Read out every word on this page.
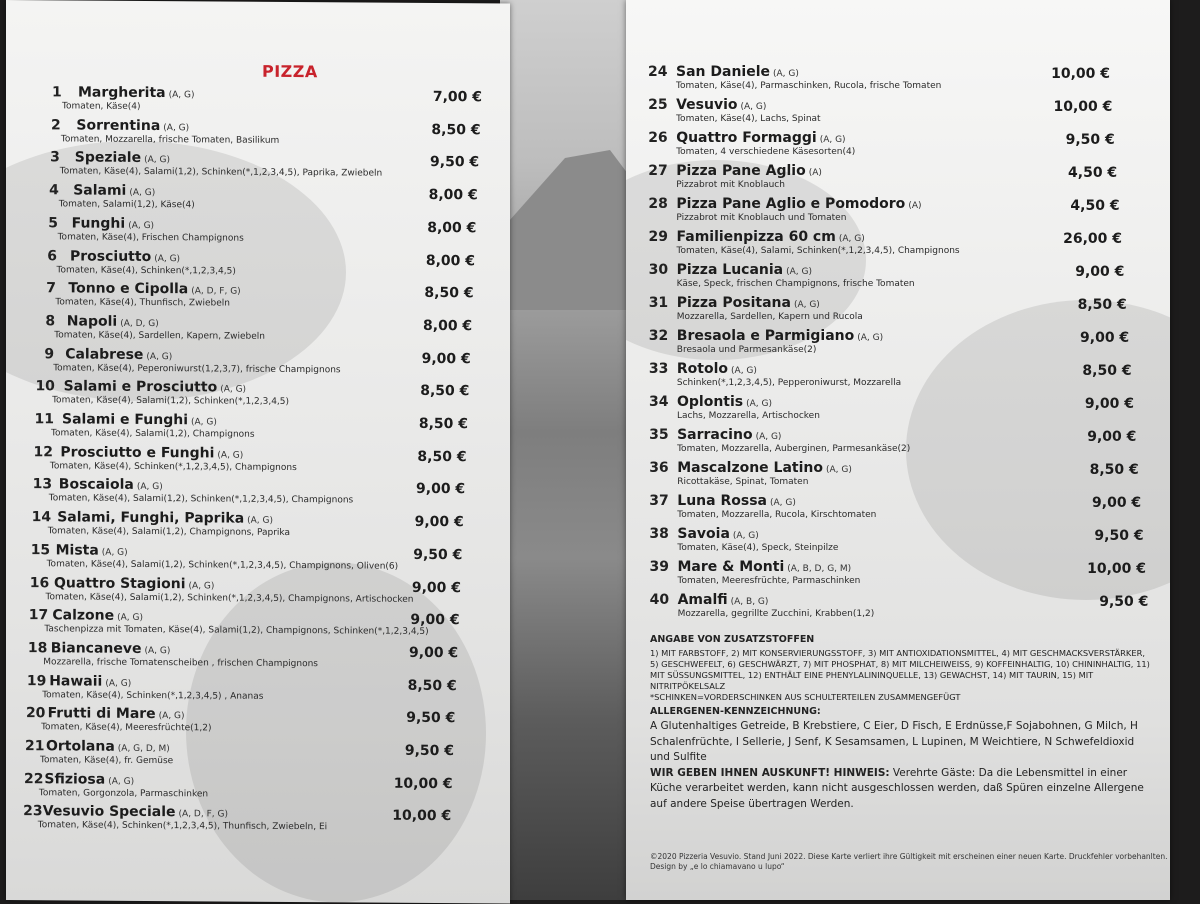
PIZZA
1 Margherita (A, G)
Tomaten, Käse(4)
7,00 €
2 Sorrentina (A, G)
Tomaten, Mozzarella, frische Tomaten, Basilikum
8,50 €
3 Speziale (A, G)
Tomaten, Käse(4), Salami(1,2), Schinken(*,1,2,3,4,5), Paprika, Zwiebeln
9,50 €
4 Salami (A, G)
Tomaten, Salami(1,2), Käse(4)
8,00 €
5 Funghi (A, G)
Tomaten, Käse(4), Frischen Champignons
8,00 €
6 Prosciutto (A, G)
Tomaten, Käse(4), Schinken(*,1,2,3,4,5)
8,00 €
7 Tonno e Cipolla (A, D, F, G)
Tomaten, Käse(4), Thunfisch, Zwiebeln
8,50 €
8 Napoli (A, D, G)
Tomaten, Käse(4), Sardellen, Kapern, Zwiebeln
8,00 €
9 Calabrese (A, G)
Tomaten, Käse(4), Peperoniwurst(1,2,3,7), frische Champignons
9,00 €
10 Salami e Prosciutto (A, G)
Tomaten, Käse(4), Salami(1,2), Schinken(*,1,2,3,4,5)
8,50 €
11 Salami e Funghi (A, G)
Tomaten, Käse(4), Salami(1,2), Champignons
8,50 €
12 Prosciutto e Funghi (A, G)
Tomaten, Käse(4), Schinken(*,1,2,3,4,5), Champignons
8,50 €
13 Boscaiola (A, G)
Tomaten, Käse(4), Salami(1,2), Schinken(*,1,2,3,4,5), Champignons
9,00 €
14 Salami, Funghi, Paprika (A, G)
Tomaten, Käse(4), Salami(1,2), Champignons, Paprika
9,00 €
15 Mista (A, G)
Tomaten, Käse(4), Salami(1,2), Schinken(*,1,2,3,4,5), Champignons, Oliven(6)
9,50 €
16 Quattro Stagioni (A, G)
Tomaten, Käse(4), Salami(1,2), Schinken(*,1,2,3,4,5), Champignons, Artischocken
9,00 €
17 Calzone (A, G)
Taschenpizza mit Tomaten, Käse(4), Salami(1,2), Champignons, Schinken(*,1,2,3,4,5)
9,00 €
18 Biancaneve (A, G)
Mozzarella, frische Tomatenscheiben , frischen Champignons
9,00 €
19 Hawaii (A, G)
Tomaten, Käse(4), Schinken(*,1,2,3,4,5) , Ananas
8,50 €
20 Frutti di Mare (A, G)
Tomaten, Käse(4), Meeresfrüchte(1,2)
9,50 €
21 Ortolana (A, G, D, M)
Tomaten, Käse(4), fr. Gemüse
9,50 €
22 Sfiziosa (A, G)
Tomaten, Gorgonzola, Parmaschinken
10,00 €
23 Vesuvio Speciale (A, D, F, G)
Tomaten, Käse(4), Schinken(*,1,2,3,4,5), Thunfisch, Zwiebeln, Ei
10,00 €
24 San Daniele (A, G)
Tomaten, Käse(4), Parmaschinken, Rucola, frische Tomaten
10,00 €
25 Vesuvio (A, G)
Tomaten, Käse(4), Lachs, Spinat
10,00 €
26 Quattro Formaggi (A, G)
Tomaten, 4 verschiedene Käsesorten(4)
9,50 €
27 Pizza Pane Aglio (A)
Pizzabrot mit Knoblauch
4,50 €
28 Pizza Pane Aglio e Pomodoro (A)
Pizzabrot mit Knoblauch und Tomaten
4,50 €
29 Familienpizza 60 cm (A, G)
Tomaten, Käse(4), Salami, Schinken(*,1,2,3,4,5), Champignons
26,00 €
30 Pizza Lucania (A, G)
Käse, Speck, frischen Champignons, frische Tomaten
9,00 €
31 Pizza Positana (A, G)
Mozzarella, Sardellen, Kapern und Rucola
8,50 €
32 Bresaola e Parmigiano (A, G)
Bresaola und Parmesankäse(2)
9,00 €
33 Rotolo (A, G)
Schinken(*,1,2,3,4,5), Pepperoniwurst, Mozzarella
8,50 €
34 Oplontis (A, G)
Lachs, Mozzarella, Artischocken
9,00 €
35 Sarracino (A, G)
Tomaten, Mozzarella, Auberginen, Parmesankäse(2)
9,00 €
36 Mascalzone Latino (A, G)
Ricottakäse, Spinat, Tomaten
8,50 €
37 Luna Rossa (A, G)
Tomaten, Mozzarella, Rucola, Kirschtomaten
9,00 €
38 Savoia (A, G)
Tomaten, Käse(4), Speck, Steinpilze
9,50 €
39 Mare & Monti (A, B, D, G, M)
Tomaten, Meeresfrüchte, Parmaschinken
10,00 €
40 Amalfi (A, B, G)
Mozzarella, gegrillte Zucchini, Krabben(1,2)
9,50 €
ANGABE VON ZUSATZSTOFFEN
1) MIT FARBSTOFF, 2) MIT KONSERVIERUNGSSTOFF, 3) MIT ANTIOXIDATIONSMITTEL, 4) MIT GESCHMACKSVERSTÄRKER, 5) GESCHWEFELT, 6) GESCHWÄRZT, 7) MIT PHOSPHAT, 8) MIT MILCHEIWEISS, 9) KOFFEINHALTIG, 10) CHININHALTIG, 11) MIT SÜSSUNGSMITTEL, 12) ENTHÄLT EINE PHENYLALININQUELLE, 13) GEWACHST, 14) MIT TAURIN, 15) MIT NITRITPÖKELSALZ
*SCHINKEN=VORDERSCHINKEN AUS SCHULTERTEILEN ZUSAMMENGEFÜGT
ALLERGENEN-KENNZEICHNUNG:
A Glutenhaltiges Getreide, B Krebstiere, C Eier, D Fisch, E Erdnüsse,F Sojabohnen, G Milch, H Schalenfrüchte, I Sellerie, J Senf, K Sesamsamen, L Lupinen, M Weichtiere, N Schwefeldioxid und Sulfite
WIR GEBEN IHNEN AUSKUNFT! HINWEIS: Verehrte Gäste: Da die Lebensmittel in einer Küche verarbeitet werden, kann nicht ausgeschlossen werden, daß Spüren einzelne Allergene auf andere Speise übertragen Werden.
©2020 Pizzeria Vesuvio. Stand Juni 2022. Diese Karte verliert ihre Gültigkeit mit erscheinen einer neuen Karte. Druckfehler vorbehanlten. Design by „e lo chiamavano u lupo“
